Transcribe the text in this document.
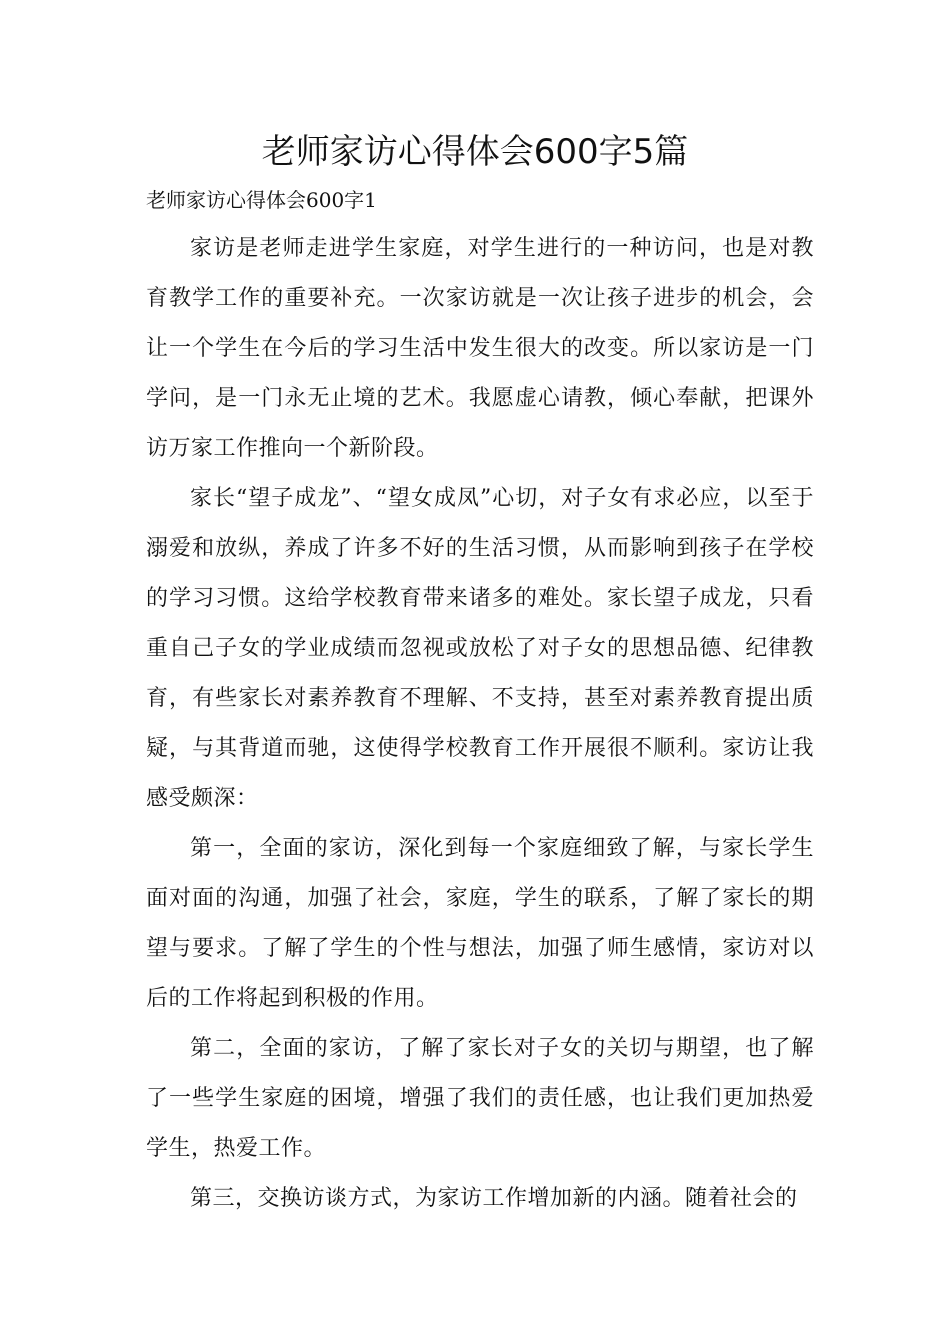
老师家访心得体会600字5篇
老师家访心得体会600字1

家访是老师走进学生家庭，对学生进行的一种访问，也是对教育教学工作的重要补充。一次家访就是一次让孩子进步的机会，会让一个学生在今后的学习生活中发生很大的改变。所以家访是一门学问，是一门永无止境的艺术。我愿虚心请教，倾心奉献，把课外访万家工作推向一个新阶段。

家长“望子成龙”、“望女成凤”心切，对子女有求必应，以至于溺爱和放纵，养成了许多不好的生活习惯，从而影响到孩子在学校的学习习惯。这给学校教育带来诸多的难处。家长望子成龙，只看重自己子女的学业成绩而忽视或放松了对子女的思想品德、纪律教育，有些家长对素养教育不理解、不支持，甚至对素养教育提出质疑，与其背道而驰，这使得学校教育工作开展很不顺利。家访让我感受颇深：

第一，全面的家访，深化到每一个家庭细致了解，与家长学生面对面的沟通，加强了社会，家庭，学生的联系，了解了家长的期望与要求。了解了学生的个性与想法，加强了师生感情，家访对以后的工作将起到积极的作用。

第二，全面的家访，了解了家长对子女的关切与期望，也了解了一些学生家庭的困境，增强了我们的责任感，也让我们更加热爱学生，热爱工作。

第三，交换访谈方式，为家访工作增加新的内涵。随着社会的
